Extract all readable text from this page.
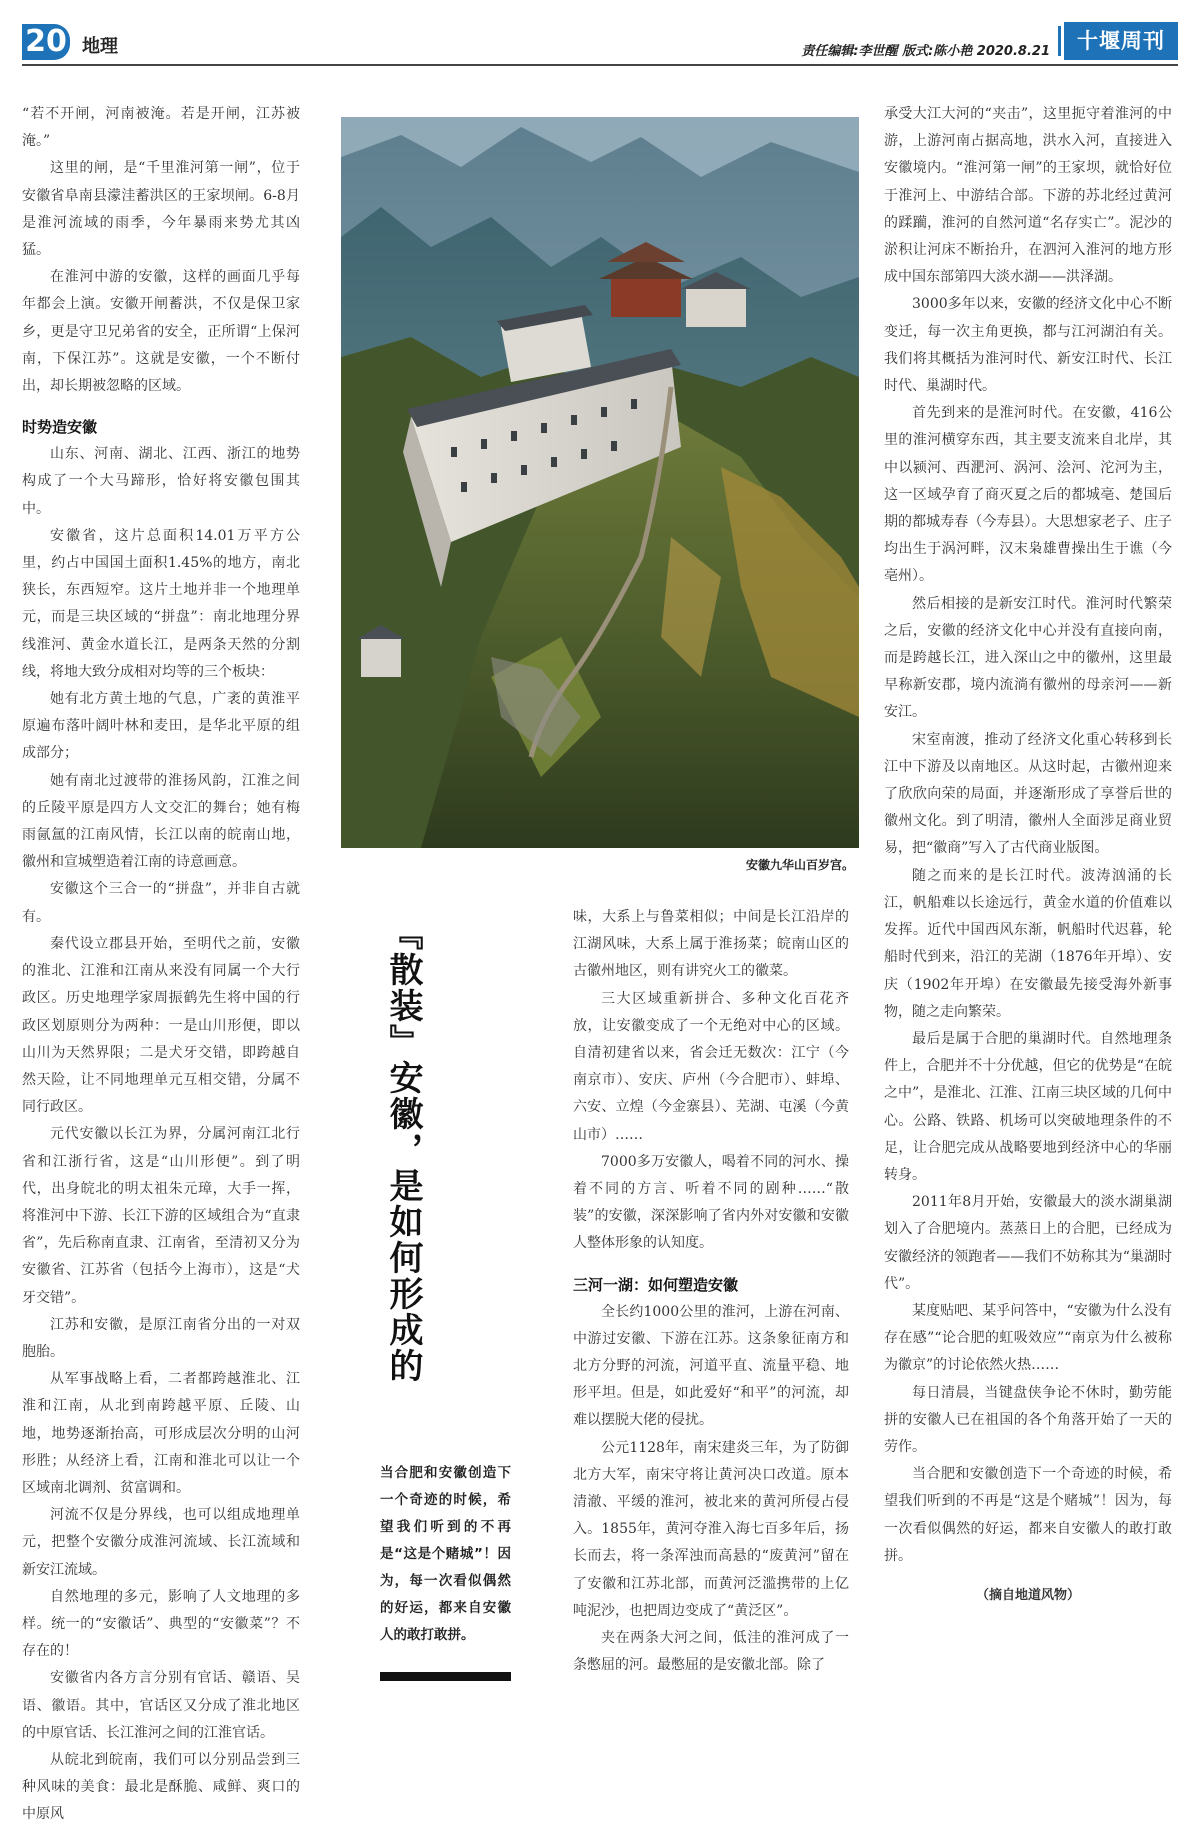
20 地理	责任编辑:李世醒 版式:陈小艳 2020.8.21	十堰周刊

“若不开闸，河南被淹。若是开闸，江苏被淹。”

这里的闸，是“千里淮河第一闸”，位于安徽省阜南县濛洼蓄洪区的王家坝闸。6-8月是淮河流域的雨季，今年暴雨来势尤其凶猛。

在淮河中游的安徽，这样的画面几乎每年都会上演。安徽开闸蓄洪，不仅是保卫家乡，更是守卫兄弟省的安全，正所谓“上保河南，下保江苏”。这就是安徽，一个不断付出，却长期被忽略的区域。

时势造安徽

山东、河南、湖北、江西、浙江的地势构成了一个大马蹄形，恰好将安徽包围其中。

安徽省，这片总面积14.01万平方公里，约占中国国土面积1.45%的地方，南北狭长，东西短窄。这片土地并非一个地理单元，而是三块区域的“拼盘”：南北地理分界线淮河、黄金水道长江，是两条天然的分割线，将地大致分成相对均等的三个板块：

她有北方黄土地的气息，广袤的黄淮平原遍布落叶阔叶林和麦田，是华北平原的组成部分；

她有南北过渡带的淮扬风韵，江淮之间的丘陵平原是四方人文交汇的舞台；她有梅雨氤氲的江南风情，长江以南的皖南山地，徽州和宣城塑造着江南的诗意画意。

安徽这个三合一的“拼盘”，并非自古就有。

秦代设立郡县开始，至明代之前，安徽的淮北、江淮和江南从来没有同属一个大行政区。历史地理学家周振鹤先生将中国的行政区划原则分为两种：一是山川形便，即以山川为天然界限；二是犬牙交错，即跨越自然天险，让不同地理单元互相交错，分属不同行政区。

元代安徽以长江为界，分属河南江北行省和江浙行省，这是“山川形便”。到了明代，出身皖北的明太祖朱元璋，大手一挥，将淮河中下游、长江下游的区域组合为“直隶省”，先后称南直隶、江南省，至清初又分为安徽省、江苏省（包括今上海市），这是“犬牙交错”。

江苏和安徽，是原江南省分出的一对双胞胎。

从军事战略上看，二者都跨越淮北、江淮和江南，从北到南跨越平原、丘陵、山地，地势逐渐抬高，可形成层次分明的山河形胜；从经济上看，江南和淮北可以让一个区域南北调剂、贫富调和。

河流不仅是分界线，也可以组成地理单元，把整个安徽分成淮河流域、长江流域和新安江流域。

自然地理的多元，影响了人文地理的多样。统一的“安徽话”、典型的“安徽菜”？不存在的！

安徽省内各方言分别有官话、赣语、吴语、徽语。其中，官话区又分成了淮北地区的中原官话、长江淮河之间的江淮官话。

从皖北到皖南，我们可以分别品尝到三种风味的美食：最北是酥脆、咸鲜、爽口的中原风

安徽九华山百岁宫。
『散装』安徽，是如何形成的	味，大系上与鲁菜相似；中间是长江沿岸的江湖风味，大系上属于淮扬菜；皖南山区的古徽州地区，则有讲究火工的徽菜。

三大区域重新拼合、多种文化百花齐放，让安徽变成了一个无绝对中心的区域。自清初建省以来，省会迁无数次：江宁（今南京市）、安庆、庐州（今合肥市）、蚌埠、六安、立煌（今金寨县）、芜湖、屯溪（今黄山市）……

7000多万安徽人，喝着不同的河水、操着不同的方言、听着不同的剧种……“散装”的安徽，深深影响了省内外对安徽和安徽人整体形象的认知度。

三河一湖：如何塑造安徽

全长约1000公里的淮河，上游在河南、中游过安徽、下游在江苏。这条象征南方和北方分野的河流，河道平直、流量平稳、地形平坦。但是，如此爱好“和平”的河流，却难以摆脱大佬的侵扰。

公元1128年，南宋建炎三年，为了防御北方大军，南宋守将让黄河决口改道。原本清澈、平缓的淮河，被北来的黄河所侵占侵入。1855年，黄河夺淮入海七百多年后，扬长而去，将一条浑浊而高悬的“废黄河”留在了安徽和江苏北部，而黄河泛滥携带的上亿吨泥沙，也把周边变成了“黄泛区”。

夹在两条大河之间，低洼的淮河成了一条憋屈的河。最憋屈的是安徽北部。除了

当合肥和安徽创造下一个奇迹的时候，希望我们听到的不再是“这是个赌城”！因为，每一次看似偶然的好运，都来自安徽人的敢打敢拼。

承受大江大河的“夹击”，这里扼守着淮河的中游，上游河南占据高地，洪水入河，直接进入安徽境内。“淮河第一闸”的王家坝，就恰好位于淮河上、中游结合部。下游的苏北经过黄河的蹂躏，淮河的自然河道“名存实亡”。泥沙的淤积让河床不断抬升，在泗河入淮河的地方形成中国东部第四大淡水湖——洪泽湖。

3000多年以来，安徽的经济文化中心不断变迁，每一次主角更换，都与江河湖泊有关。我们将其概括为淮河时代、新安江时代、长江时代、巢湖时代。

首先到来的是淮河时代。在安徽，416公里的淮河横穿东西，其主要支流来自北岸，其中以颍河、西淝河、涡河、浍河、沱河为主，这一区域孕育了商灭夏之后的都城亳、楚国后期的都城寿春（今寿县）。大思想家老子、庄子均出生于涡河畔，汉末枭雄曹操出生于谯（今亳州）。

然后相接的是新安江时代。淮河时代繁荣之后，安徽的经济文化中心并没有直接向南，而是跨越长江，进入深山之中的徽州，这里最早称新安郡，境内流淌有徽州的母亲河——新安江。

宋室南渡，推动了经济文化重心转移到长江中下游及以南地区。从这时起，古徽州迎来了欣欣向荣的局面，并逐渐形成了享誉后世的徽州文化。到了明清，徽州人全面涉足商业贸易，把“徽商”写入了古代商业版图。

随之而来的是长江时代。波涛汹涌的长江，帆船难以长途远行，黄金水道的价值难以发挥。近代中国西风东渐，帆船时代迟暮，轮船时代到来，沿江的芜湖（1876年开埠）、安庆（1902年开埠）在安徽最先接受海外新事物，随之走向繁荣。

最后是属于合肥的巢湖时代。自然地理条件上，合肥并不十分优越，但它的优势是“在皖之中”，是淮北、江淮、江南三块区域的几何中心。公路、铁路、机场可以突破地理条件的不足，让合肥完成从战略要地到经济中心的华丽转身。

2011年8月开始，安徽最大的淡水湖巢湖划入了合肥境内。蒸蒸日上的合肥，已经成为安徽经济的领跑者——我们不妨称其为“巢湖时代”。

某度贴吧、某乎问答中，“安徽为什么没有存在感”“论合肥的虹吸效应”“南京为什么被称为徽京”的讨论依然火热……

每日清晨，当键盘侠争论不休时，勤劳能拼的安徽人已在祖国的各个角落开始了一天的劳作。

当合肥和安徽创造下一个奇迹的时候，希望我们听到的不再是“这是个赌城”！因为，每一次看似偶然的好运，都来自安徽人的敢打敢拼。

（摘自地道风物）
